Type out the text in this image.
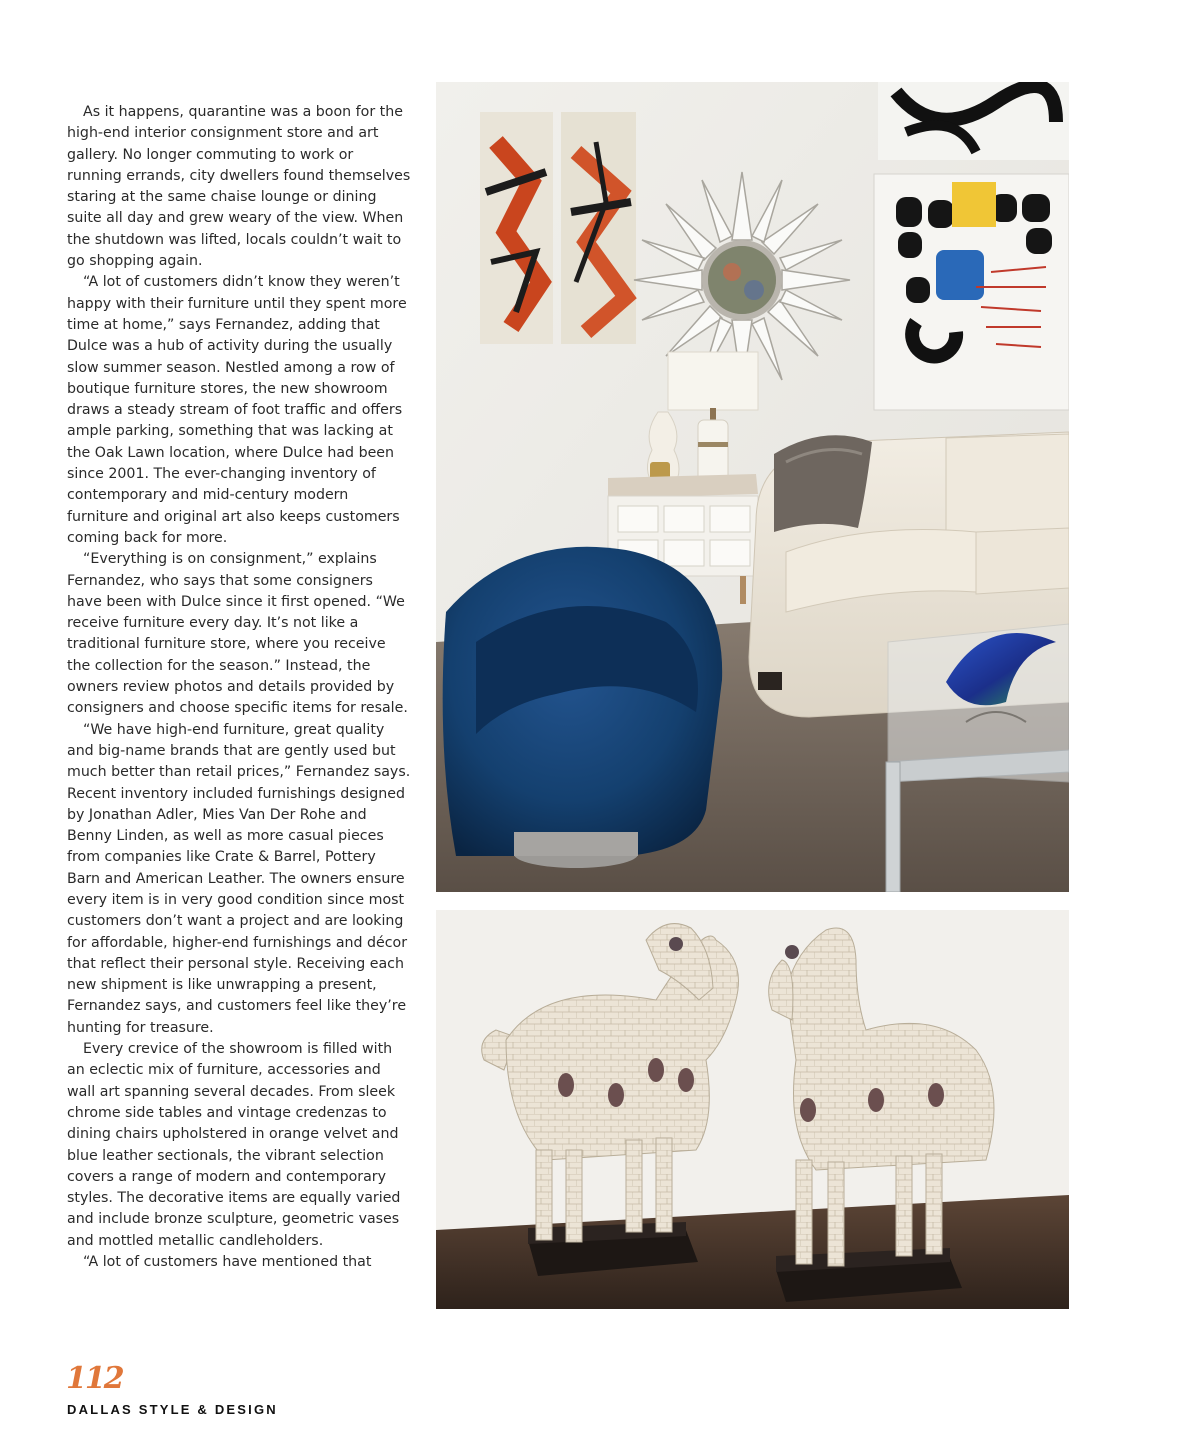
As it happens, quarantine was a boon for the high-end interior consignment store and art gallery. No longer commuting to work or running errands, city dwellers found themselves staring at the same chaise lounge or dining suite all day and grew weary of the view. When the shutdown was lifted, locals couldn’t wait to go shopping again.

“A lot of customers didn’t know they weren’t happy with their furniture until they spent more time at home,” says Fernandez, adding that Dulce was a hub of activity during the usually slow summer season. Nestled among a row of boutique furniture stores, the new showroom draws a steady stream of foot traffic and offers ample parking, something that was lacking at the Oak Lawn location, where Dulce had been since 2001. The ever-changing inventory of contemporary and mid-century modern furniture and original art also keeps customers coming back for more.

“Everything is on consignment,” explains Fernandez, who says that some consigners have been with Dulce since it first opened. “We receive furniture every day. It’s not like a traditional furniture store, where you receive the collection for the season.” Instead, the owners review photos and details provided by consigners and choose specific items for resale.

“We have high-end furniture, great quality and big-name brands that are gently used but much better than retail prices,” Fernandez says. Recent inventory included furnishings designed by Jonathan Adler, Mies Van Der Rohe and Benny Linden, as well as more casual pieces from companies like Crate & Barrel, Pottery Barn and American Leather. The owners ensure every item is in very good condition since most customers don’t want a project and are looking for affordable, higher-end furnishings and décor that reflect their personal style. Receiving each new shipment is like unwrapping a present, Fernandez says, and customers feel like they’re hunting for treasure.

Every crevice of the showroom is filled with an eclectic mix of furniture, accessories and wall art spanning several decades. From sleek chrome side tables and vintage credenzas to dining chairs upholstered in orange velvet and blue leather sectionals, the vibrant selection covers a range of modern and contemporary styles. The decorative items are equally varied and include bronze sculpture, geometric vases and mottled metallic candleholders.

“A lot of customers have mentioned that

112
DALLAS STYLE & DESIGN
